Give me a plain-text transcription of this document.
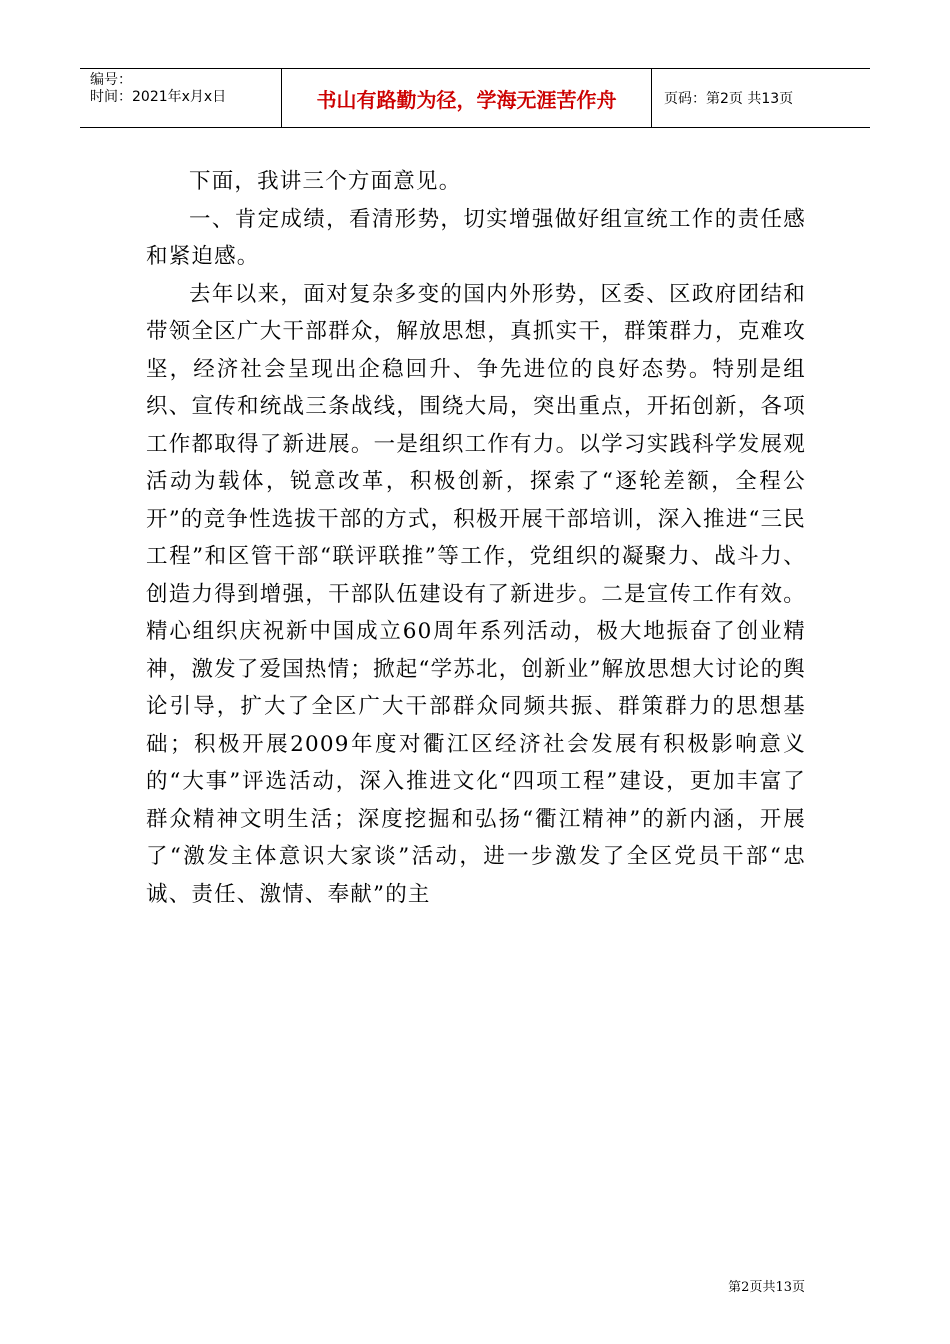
编号：
时间：2021年x月x日	书山有路勤为径，学海无涯苦作舟	页码：第2页 共13页

下面，我讲三个方面意见。

一、肯定成绩，看清形势，切实增强做好组宣统工作的责任感和紧迫感。

去年以来，面对复杂多变的国内外形势，区委、区政府团结和带领全区广大干部群众，解放思想，真抓实干，群策群力，克难攻坚，经济社会呈现出企稳回升、争先进位的良好态势。特别是组织、宣传和统战三条战线，围绕大局，突出重点，开拓创新，各项工作都取得了新进展。一是组织工作有力。以学习实践科学发展观活动为载体，锐意改革，积极创新，探索了“逐轮差额，全程公开”的竞争性选拔干部的方式，积极开展干部培训，深入推进“三民工程”和区管干部“联评联推”等工作，党组织的凝聚力、战斗力、创造力得到增强，干部队伍建设有了新进步。二是宣传工作有效。精心组织庆祝新中国成立60周年系列活动，极大地振奋了创业精神，激发了爱国热情；掀起“学苏北，创新业”解放思想大讨论的舆论引导，扩大了全区广大干部群众同频共振、群策群力的思想基础；积极开展2009年度对衢江区经济社会发展有积极影响意义的“大事”评选活动，深入推进文化“四项工程”建设，更加丰富了群众精神文明生活；深度挖掘和弘扬“衢江精神”的新内涵，开展了“激发主体意识大家谈”活动，进一步激发了全区党员干部“忠诚、责任、激情、奉献”的主

第2页共13页
